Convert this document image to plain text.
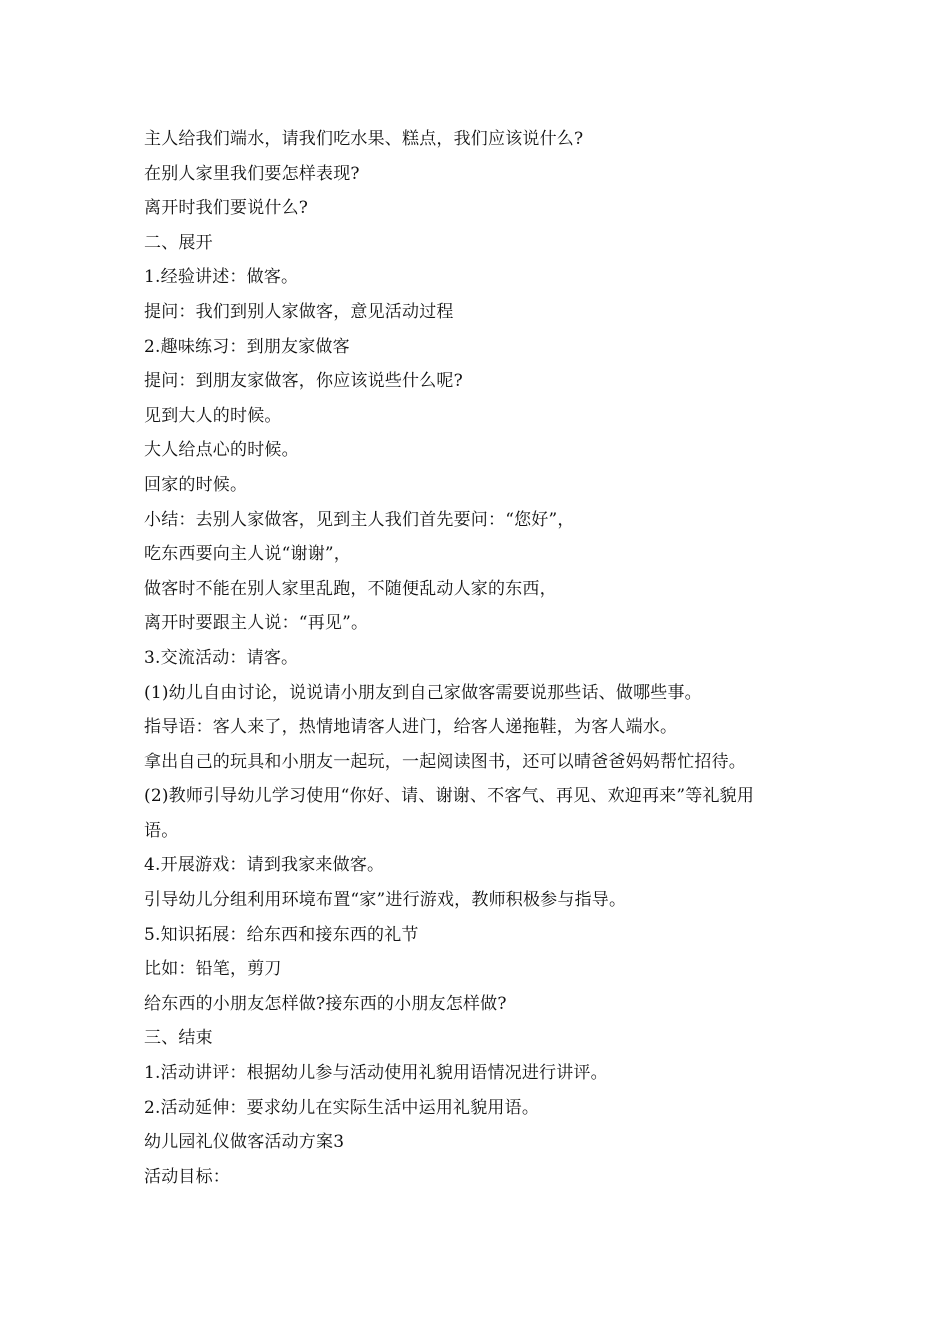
主人给我们端水，请我们吃水果、糕点，我们应该说什么?
在别人家里我们要怎样表现?
离开时我们要说什么?
二、展开
1.经验讲述：做客。
提问：我们到别人家做客，意见活动过程
2.趣味练习：到朋友家做客
提问：到朋友家做客，你应该说些什么呢?
见到大人的时候。
大人给点心的时候。
回家的时候。
小结：去别人家做客，见到主人我们首先要问：“您好”，
吃东西要向主人说“谢谢”，
做客时不能在别人家里乱跑，不随便乱动人家的东西，
离开时要跟主人说：“再见”。
3.交流活动：请客。
(1)幼儿自由讨论，说说请小朋友到自己家做客需要说那些话、做哪些事。
指导语：客人来了，热情地请客人进门，给客人递拖鞋，为客人端水。
拿出自己的玩具和小朋友一起玩，一起阅读图书，还可以晴爸爸妈妈帮忙招待。
(2)教师引导幼儿学习使用“你好、请、谢谢、不客气、再见、欢迎再来”等礼貌用
语。
4.开展游戏：请到我家来做客。
引导幼儿分组利用环境布置“家”进行游戏，教师积极参与指导。
5.知识拓展：给东西和接东西的礼节
比如：铅笔，剪刀
给东西的小朋友怎样做?接东西的小朋友怎样做?
三、结束
1.活动讲评：根据幼儿参与活动使用礼貌用语情况进行讲评。
2.活动延伸：要求幼儿在实际生活中运用礼貌用语。
幼儿园礼仪做客活动方案3
活动目标：
